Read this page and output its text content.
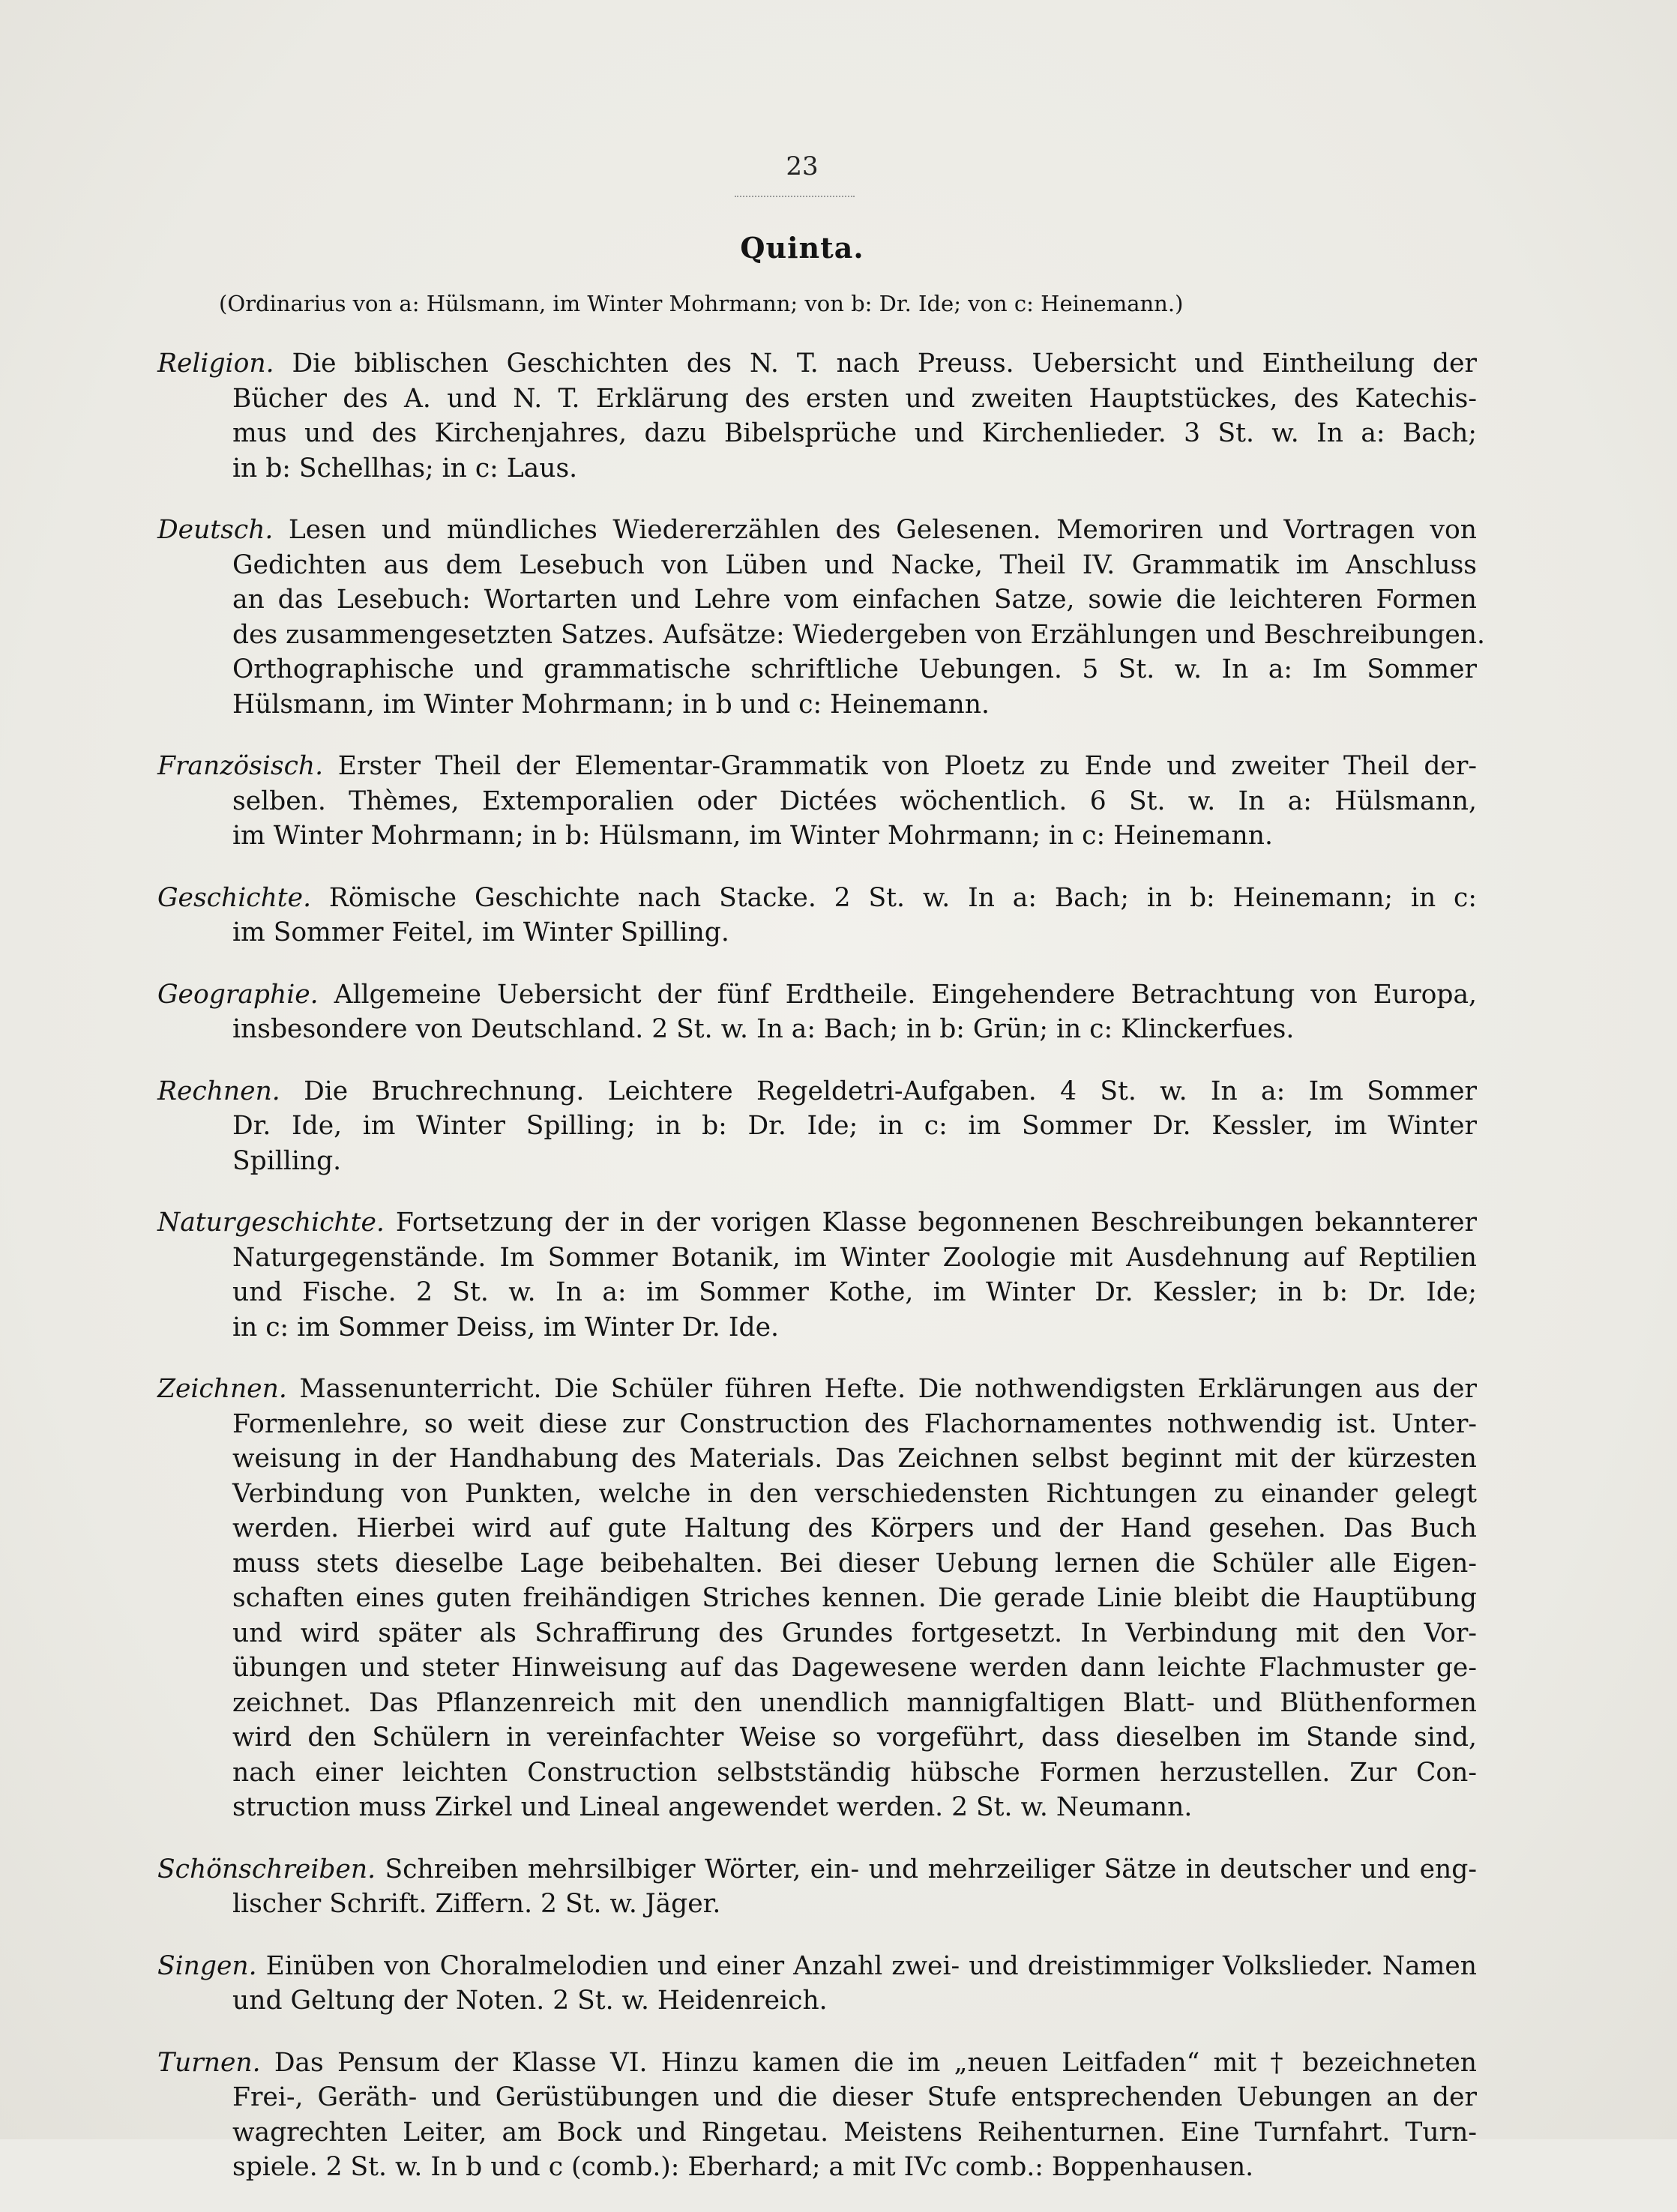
23
Quinta.
(Ordinarius von a: Hülsmann, im Winter Mohrmann; von b: Dr. Ide; von c: Heinemann.)
Religion. Die biblischen Geschichten des N. T. nach Preuss. Uebersicht und Eintheilung der
Bücher des A. und N. T. Erklärung des ersten und zweiten Hauptstückes, des Katechis-
mus und des Kirchenjahres, dazu Bibelsprüche und Kirchenlieder. 3 St. w. In a: Bach;
in b: Schellhas; in c: Laus.
Deutsch. Lesen und mündliches Wiedererzählen des Gelesenen. Memoriren und Vortragen von
Gedichten aus dem Lesebuch von Lüben und Nacke, Theil IV. Grammatik im Anschluss
an das Lesebuch: Wortarten und Lehre vom einfachen Satze, sowie die leichteren Formen
des zusammengesetzten Satzes. Aufsätze: Wiedergeben von Erzählungen und Beschreibungen.
Orthographische und grammatische schriftliche Uebungen. 5 St. w. In a: Im Sommer
Hülsmann, im Winter Mohrmann; in b und c: Heinemann.
Französisch. Erster Theil der Elementar-Grammatik von Ploetz zu Ende und zweiter Theil der-
selben. Thèmes, Extemporalien oder Dictées wöchentlich. 6 St. w. In a: Hülsmann,
im Winter Mohrmann; in b: Hülsmann, im Winter Mohrmann; in c: Heinemann.
Geschichte. Römische Geschichte nach Stacke. 2 St. w. In a: Bach; in b: Heinemann; in c:
im Sommer Feitel, im Winter Spilling.
Geographie. Allgemeine Uebersicht der fünf Erdtheile. Eingehendere Betrachtung von Europa,
insbesondere von Deutschland. 2 St. w. In a: Bach; in b: Grün; in c: Klinckerfues.
Rechnen. Die Bruchrechnung. Leichtere Regeldetri-Aufgaben. 4 St. w. In a: Im Sommer
Dr. Ide, im Winter Spilling; in b: Dr. Ide; in c: im Sommer Dr. Kessler, im Winter
Spilling.
Naturgeschichte. Fortsetzung der in der vorigen Klasse begonnenen Beschreibungen bekannterer
Naturgegenstände. Im Sommer Botanik, im Winter Zoologie mit Ausdehnung auf Reptilien
und Fische. 2 St. w. In a: im Sommer Kothe, im Winter Dr. Kessler; in b: Dr. Ide;
in c: im Sommer Deiss, im Winter Dr. Ide.
Zeichnen. Massenunterricht. Die Schüler führen Hefte. Die nothwendigsten Erklärungen aus der
Formenlehre, so weit diese zur Construction des Flachornamentes nothwendig ist. Unter-
weisung in der Handhabung des Materials. Das Zeichnen selbst beginnt mit der kürzesten
Verbindung von Punkten, welche in den verschiedensten Richtungen zu einander gelegt
werden. Hierbei wird auf gute Haltung des Körpers und der Hand gesehen. Das Buch
muss stets dieselbe Lage beibehalten. Bei dieser Uebung lernen die Schüler alle Eigen-
schaften eines guten freihändigen Striches kennen. Die gerade Linie bleibt die Hauptübung
und wird später als Schraffirung des Grundes fortgesetzt. In Verbindung mit den Vor-
übungen und steter Hinweisung auf das Dagewesene werden dann leichte Flachmuster ge-
zeichnet. Das Pflanzenreich mit den unendlich mannigfaltigen Blatt- und Blüthenformen
wird den Schülern in vereinfachter Weise so vorgeführt, dass dieselben im Stande sind,
nach einer leichten Construction selbstständig hübsche Formen herzustellen. Zur Con-
struction muss Zirkel und Lineal angewendet werden. 2 St. w. Neumann.
Schönschreiben. Schreiben mehrsilbiger Wörter, ein- und mehrzeiliger Sätze in deutscher und eng-
lischer Schrift. Ziffern. 2 St. w. Jäger.
Singen. Einüben von Choralmelodien und einer Anzahl zwei- und dreistimmiger Volkslieder. Namen
und Geltung der Noten. 2 St. w. Heidenreich.
Turnen. Das Pensum der Klasse VI. Hinzu kamen die im „neuen Leitfaden“ mit † bezeichneten
Frei-, Geräth- und Gerüstübungen und die dieser Stufe entsprechenden Uebungen an der
wagrechten Leiter, am Bock und Ringetau. Meistens Reihenturnen. Eine Turnfahrt. Turn-
spiele. 2 St. w. In b und c (comb.): Eberhard; a mit IVc comb.: Boppenhausen.
